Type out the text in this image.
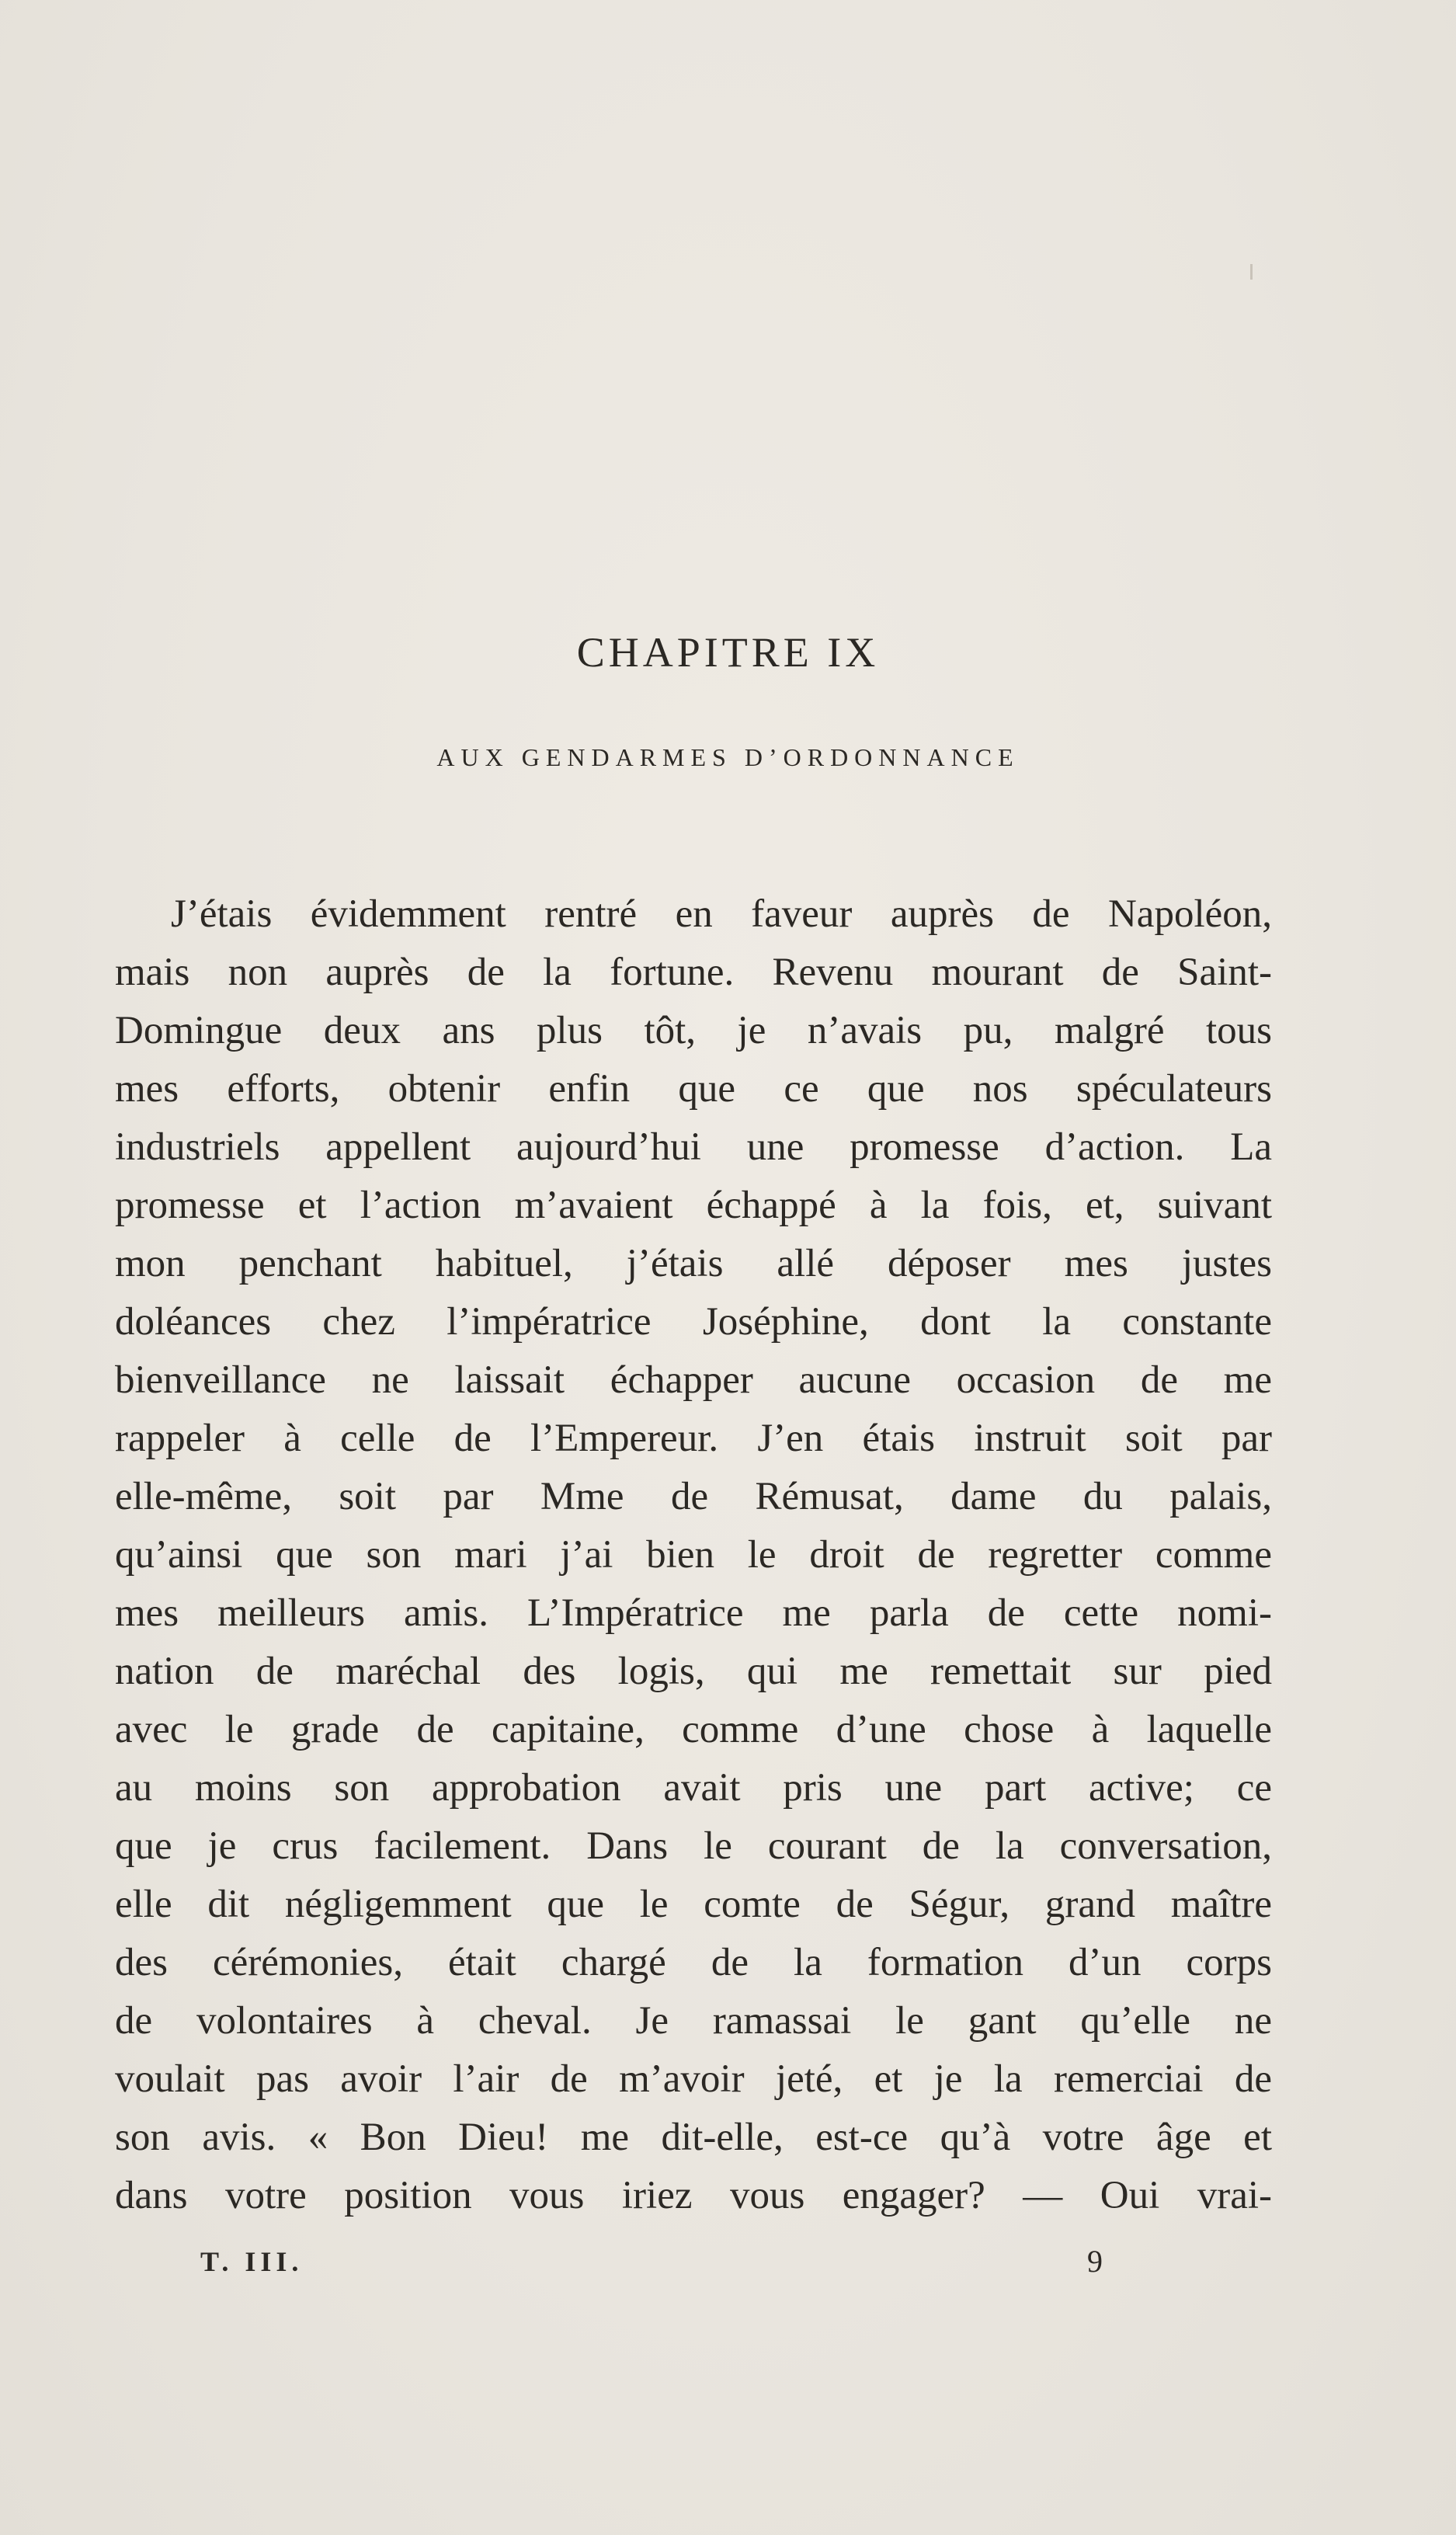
CHAPITRE IX
AUX GENDARMES D’ORDONNANCE
J’étais évidemment rentré en faveur auprès de Napoléon,
mais non auprès de la fortune. Revenu mourant de Saint-
Domingue deux ans plus tôt, je n’avais pu, malgré tous
mes efforts, obtenir enfin que ce que nos spéculateurs
industriels appellent aujourd’hui une promesse d’action. La
promesse et l’action m’avaient échappé à la fois, et, suivant
mon penchant habituel, j’étais allé déposer mes justes
doléances chez l’impératrice Joséphine, dont la constante
bienveillance ne laissait échapper aucune occasion de me
rappeler à celle de l’Empereur. J’en étais instruit soit par
elle-même, soit par Mme de Rémusat, dame du palais,
qu’ainsi que son mari j’ai bien le droit de regretter comme
mes meilleurs amis. L’Impératrice me parla de cette nomi-
nation de maréchal des logis, qui me remettait sur pied
avec le grade de capitaine, comme d’une chose à laquelle
au moins son approbation avait pris une part active; ce
que je crus facilement. Dans le courant de la conversation,
elle dit négligemment que le comte de Ségur, grand maître
des cérémonies, était chargé de la formation d’un corps
de volontaires à cheval. Je ramassai le gant qu’elle ne
voulait pas avoir l’air de m’avoir jeté, et je la remerciai de
son avis. « Bon Dieu! me dit-elle, est-ce qu’à votre âge et
dans votre position vous iriez vous engager? — Oui vrai-
T. III.	9
